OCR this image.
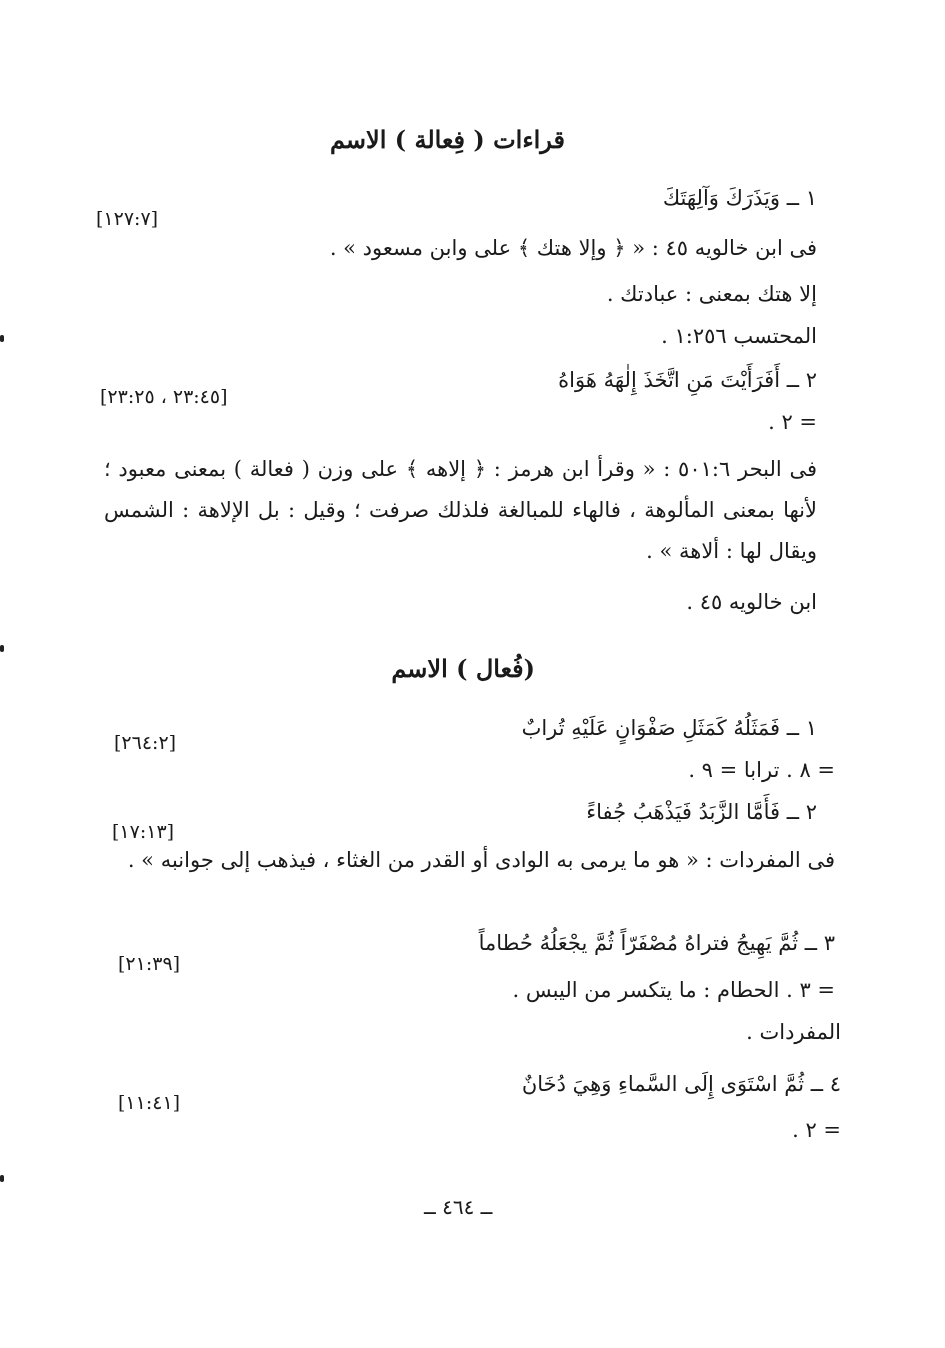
قراءات ( فِعالة ) الاسم
١ ــ وَيَذَرَكَ وَآلِهَتَكَ
[١٢٧:٧]
فى ابن خالويه ٤٥ : « ﴿ وإلا هتك ﴾ على وابن مسعود » .
إلا هتك بمعنى : عبادتك .
المحتسب ١:٢٥٦ .
٢ ــ أَفَرَأَيْتَ مَنِ اتَّخَذَ إِلٰهَهُ هَوَاهُ
[٢٣:٤٥ ، ٢٣:٢٥]
= ٢ .
فى البحر ٥٠١:٦ : « وقرأ ابن هرمز : ﴿ إلاهه ﴾ على وزن ( فعالة ) بمعنى معبود ؛ لأنها بمعنى المألوهة ، فالهاء للمبالغة فلذلك صرفت ؛ وقيل : بل الإلاهة : الشمس ويقال لها : ألاهة » .
ابن خالويه ٤٥ .
(فُعال ) الاسم
١ ــ فَمَثَلُهُ كَمَثَلِ صَفْوَانٍ عَلَيْهِ تُرابٌ
[٢٦٤:٢]
= ٨ . ترابا = ٩ .
٢ ــ فَأَمَّا الزَّبَدُ فَيَذْهَبُ جُفاءً
[١٧:١٣]
فى المفردات : « هو ما يرمى به الوادى أو القدر من الغثاء ، فيذهب إلى جوانبه » .
٣ ــ ثُمَّ يَهِيجُ فتراهُ مُصْفَرّاً ثُمَّ يجْعَلُهُ حُطاماً
[٢١:٣٩]
= ٣ . الحطام : ما يتكسر من اليبس .
المفردات .
٤ ــ ثُمَّ اسْتَوَى إِلَى السَّماءِ وَهِيَ دُخَانٌ
[١١:٤١]
= ٢ .
ــ ٤٦٤ ــ
